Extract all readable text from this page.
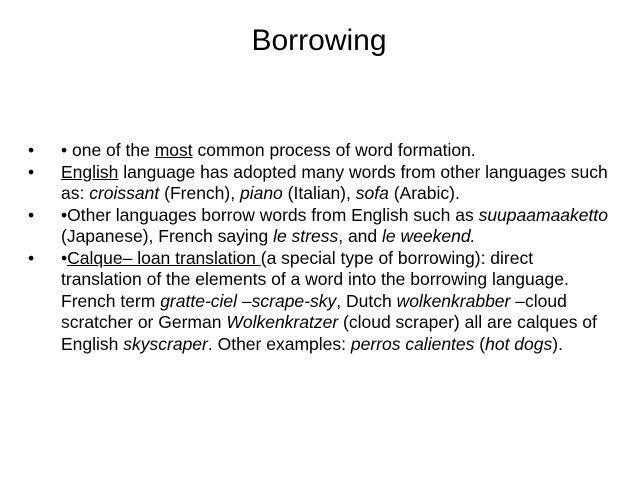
Borrowing
• • one of the most common process of word formation.
• English language has adopted many words from other languages such as: croissant (French), piano (Italian), sofa (Arabic).
• •Other languages borrow words from English such as suupaamaaketto (Japanese), French saying le stress, and le weekend.
• •Calque– loan translation (a special type of borrowing): direct translation of the elements of a word into the borrowing language. French term gratte-ciel –scrape-sky, Dutch wolkenkrabber –cloud scratcher or German Wolkenkratzer (cloud scraper) all are calques of English skyscraper. Other examples: perros calientes (hot dogs).
